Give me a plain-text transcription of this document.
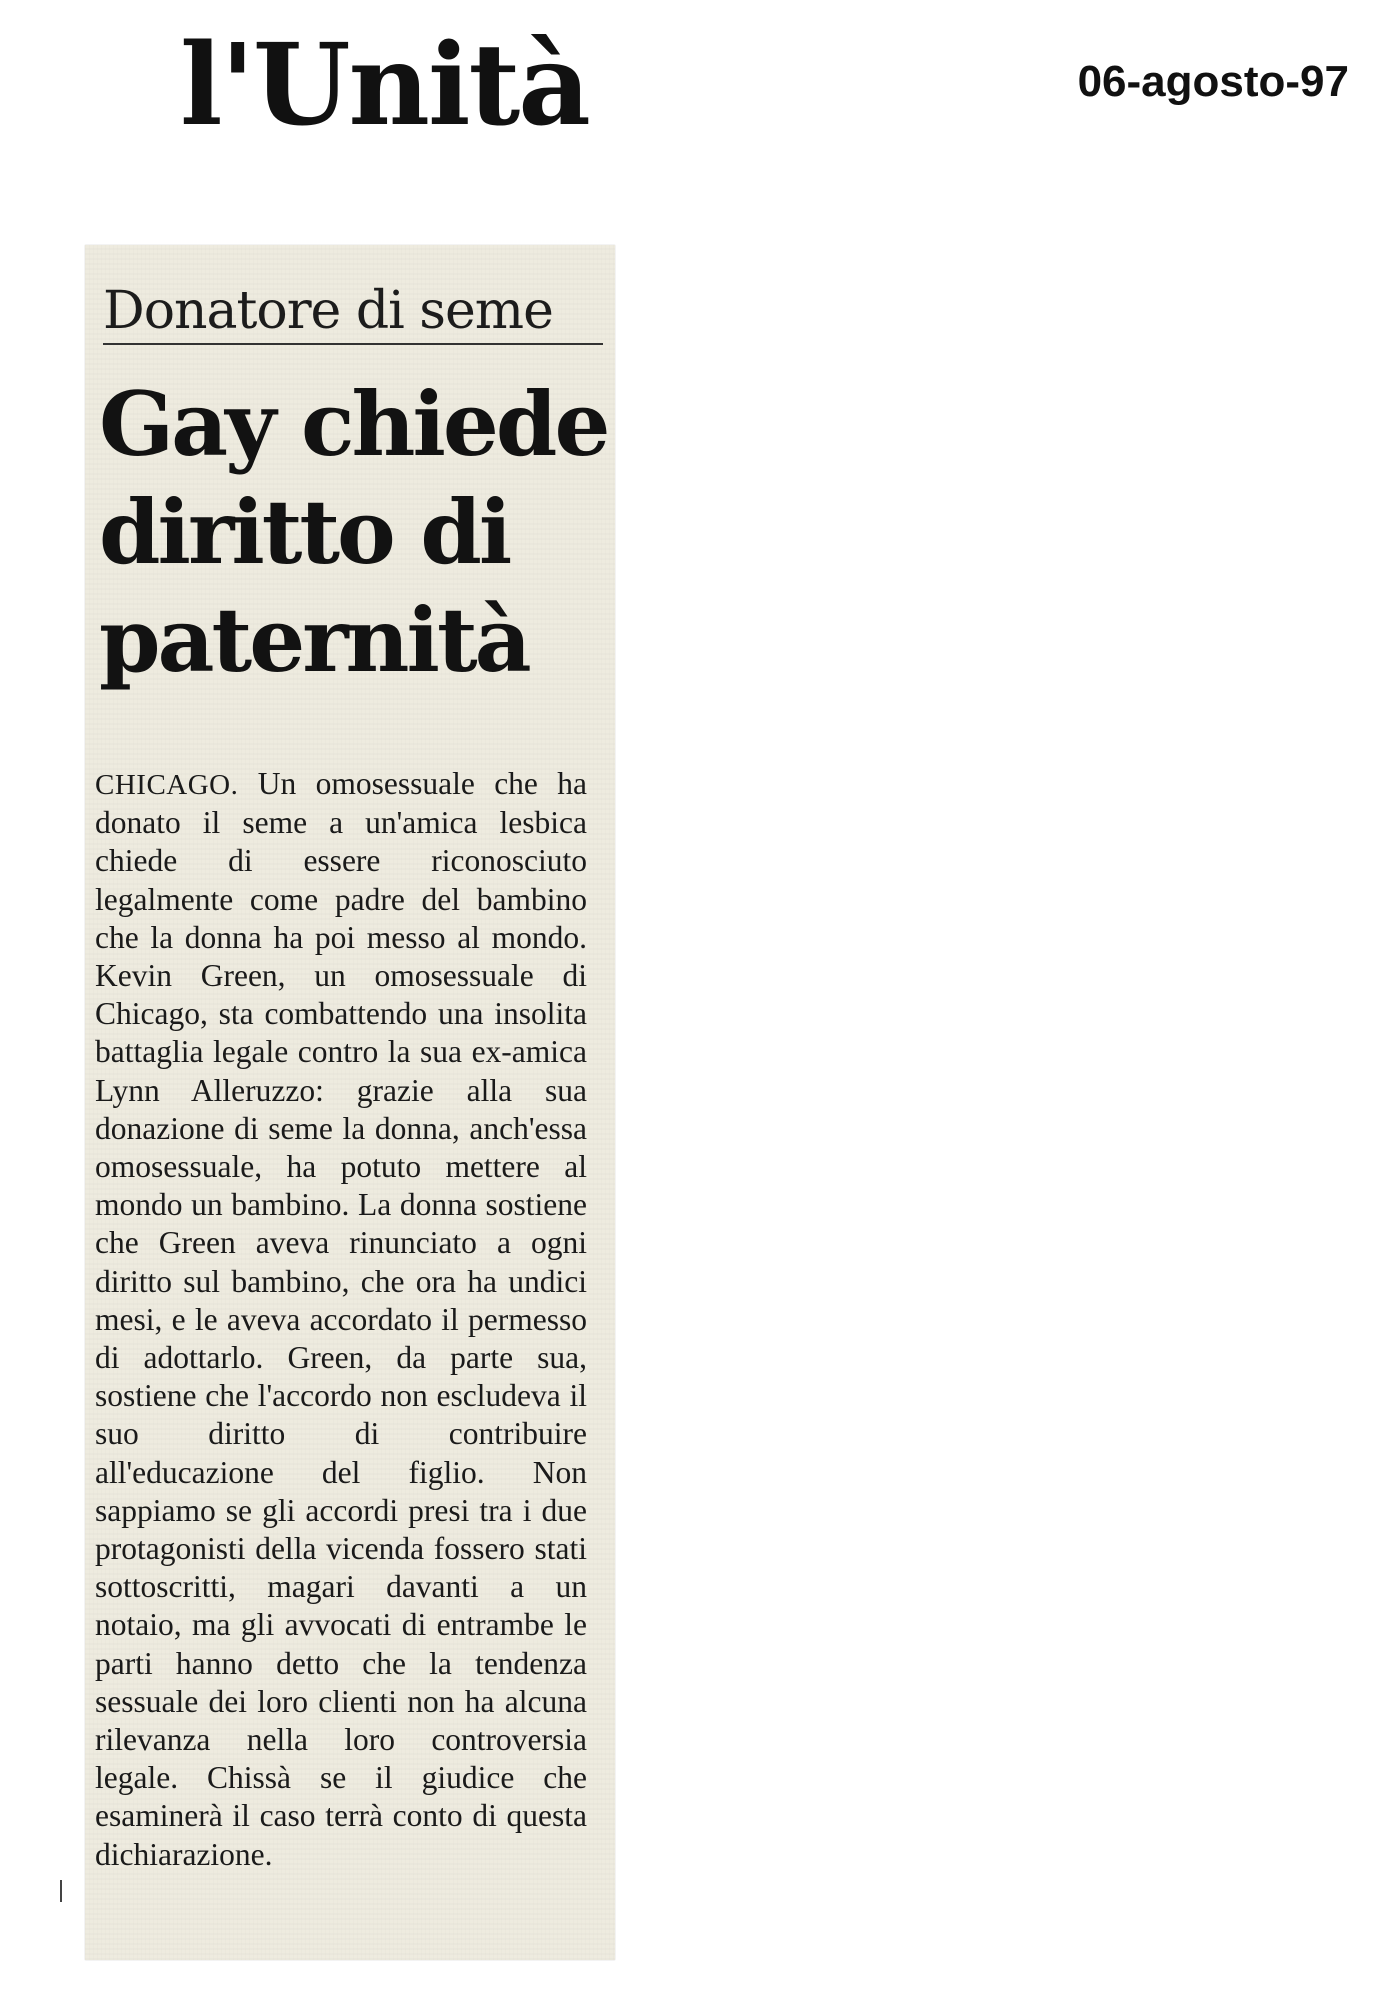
l'Unità	06-agosto-97
Donatore di seme
Gay chiede diritto di paternità

CHICAGO. Un omosessuale che ha donato il seme a un'amica lesbica chiede di essere riconosciuto legalmente come padre del bambino che la donna ha poi messo al mondo. Kevin Green, un omosessuale di Chicago, sta combattendo una insolita battaglia legale contro la sua ex-amica Lynn Alleruzzo: grazie alla sua donazione di seme la donna, anch'essa omosessuale, ha potuto mettere al mondo un bambino. La donna sostiene che Green aveva rinunciato a ogni diritto sul bambino, che ora ha undici mesi, e le aveva accordato il permesso di adottarlo. Green, da parte sua, sostiene che l'accordo non escludeva il suo diritto di contribuire all'educazione del figlio. Non sappiamo se gli accordi presi tra i due protagonisti della vicenda fossero stati sottoscritti, magari davanti a un notaio, ma gli avvocati di entrambe le parti hanno detto che la tendenza sessuale dei loro clienti non ha alcuna rilevanza nella loro controversia legale. Chissà se il giudice che esaminerà il caso terrà conto di questa dichiarazione.
